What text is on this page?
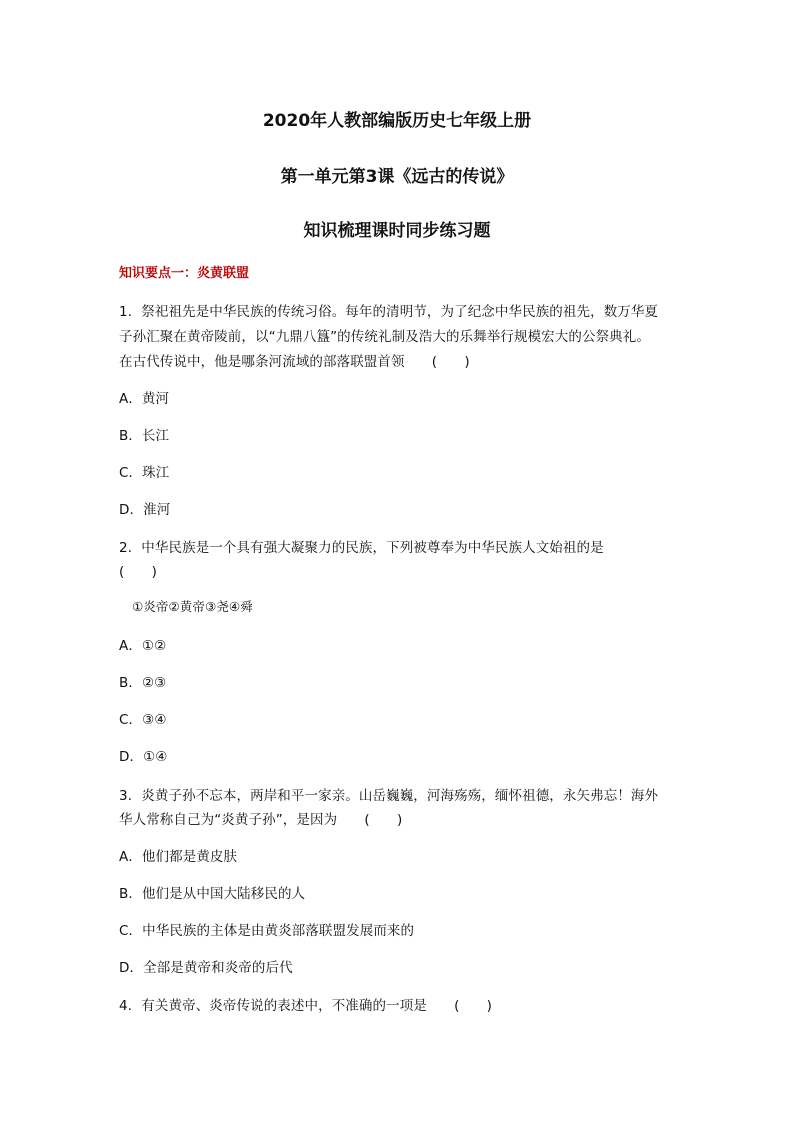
2020年人教部编版历史七年级上册
第一单元第3课《远古的传说》
知识梳理课时同步练习题
知识要点一：炎黄联盟
1．祭祀祖先是中华民族的传统习俗。每年的清明节，为了纪念中华民族的祖先，数万华夏
子孙汇聚在黄帝陵前，以“九鼎八簋”的传统礼制及浩大的乐舞举行规模宏大的公祭典礼。
在古代传说中，他是哪条河流域的部落联盟首领　　(　　)
A．黄河
B．长江
C．珠江
D．淮河
2．中华民族是一个具有强大凝聚力的民族，下列被尊奉为中华民族人文始祖的是
(　　)
①炎帝②黄帝③尧④舜
A．①②
B．②③
C．③④
D．①④
3．炎黄子孙不忘本，两岸和平一家亲。山岳巍巍，河海殇殇，缅怀祖德，永矢弗忘！海外
华人常称自己为“炎黄子孙”，是因为　　(　　)
A．他们都是黄皮肤
B．他们是从中国大陆移民的人
C．中华民族的主体是由黄炎部落联盟发展而来的
D．全部是黄帝和炎帝的后代
4．有关黄帝、炎帝传说的表述中，不准确的一项是　　(　　)
